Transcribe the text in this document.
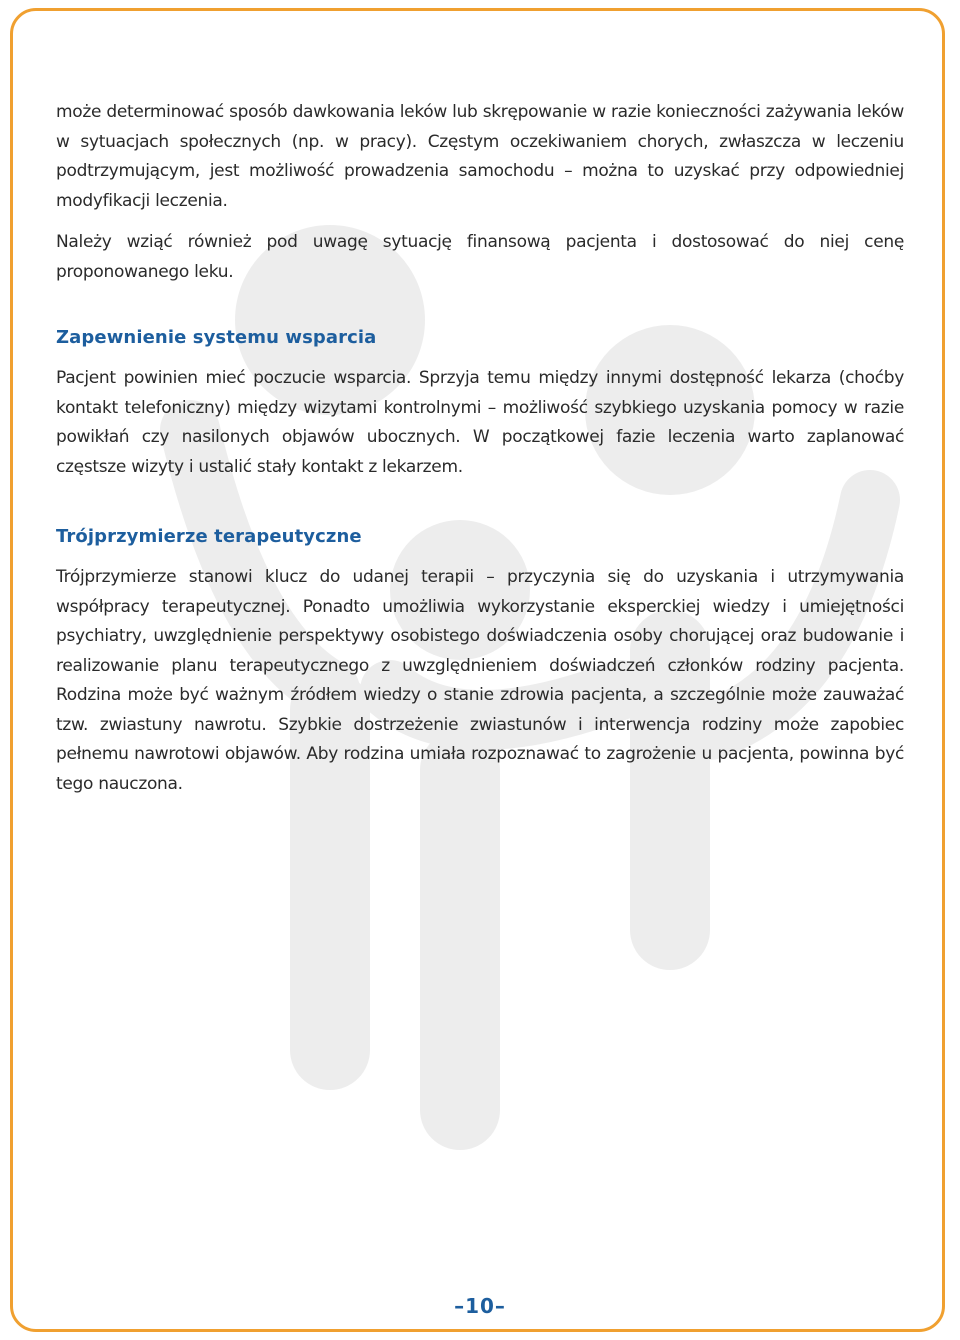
może determinować sposób dawkowania leków lub skrępowanie w razie konieczności zażywania leków w sytuacjach społecznych (np. w pracy). Częstym oczekiwaniem chorych, zwłaszcza w leczeniu podtrzymującym, jest możliwość prowadzenia samochodu – można to uzyskać przy odpowiedniej modyfikacji leczenia.

Należy wziąć również pod uwagę sytuację finansową pacjenta i dostosować do niej cenę proponowanego leku.

Zapewnienie systemu wsparcia

Pacjent powinien mieć poczucie wsparcia. Sprzyja temu między innymi dostępność lekarza (choćby kontakt telefoniczny) między wizytami kontrolnymi – możliwość szybkiego uzyskania pomocy w razie powikłań czy nasilonych objawów ubocznych. W początkowej fazie leczenia warto zaplanować częstsze wizyty i ustalić stały kontakt z lekarzem.

Trójprzymierze terapeutyczne

Trójprzymierze stanowi klucz do udanej terapii – przyczynia się do uzyskania i utrzymywania współpracy terapeutycznej. Ponadto umożliwia wykorzystanie eksperckiej wiedzy i umiejętności psychiatry, uwzględnienie perspektywy osobistego doświadczenia osoby chorującej oraz budowanie i realizowanie planu terapeutycznego z uwzględnieniem doświadczeń członków rodziny pacjenta. Rodzina może być ważnym źródłem wiedzy o stanie zdrowia pacjenta, a szczególnie może zauważać tzw. zwiastuny nawrotu. Szybkie dostrzeżenie zwiastunów i interwencja rodziny może zapobiec pełnemu nawrotowi objawów. Aby rodzina umiała rozpoznawać to zagrożenie u pacjenta, powinna być tego nauczona.

–10–
